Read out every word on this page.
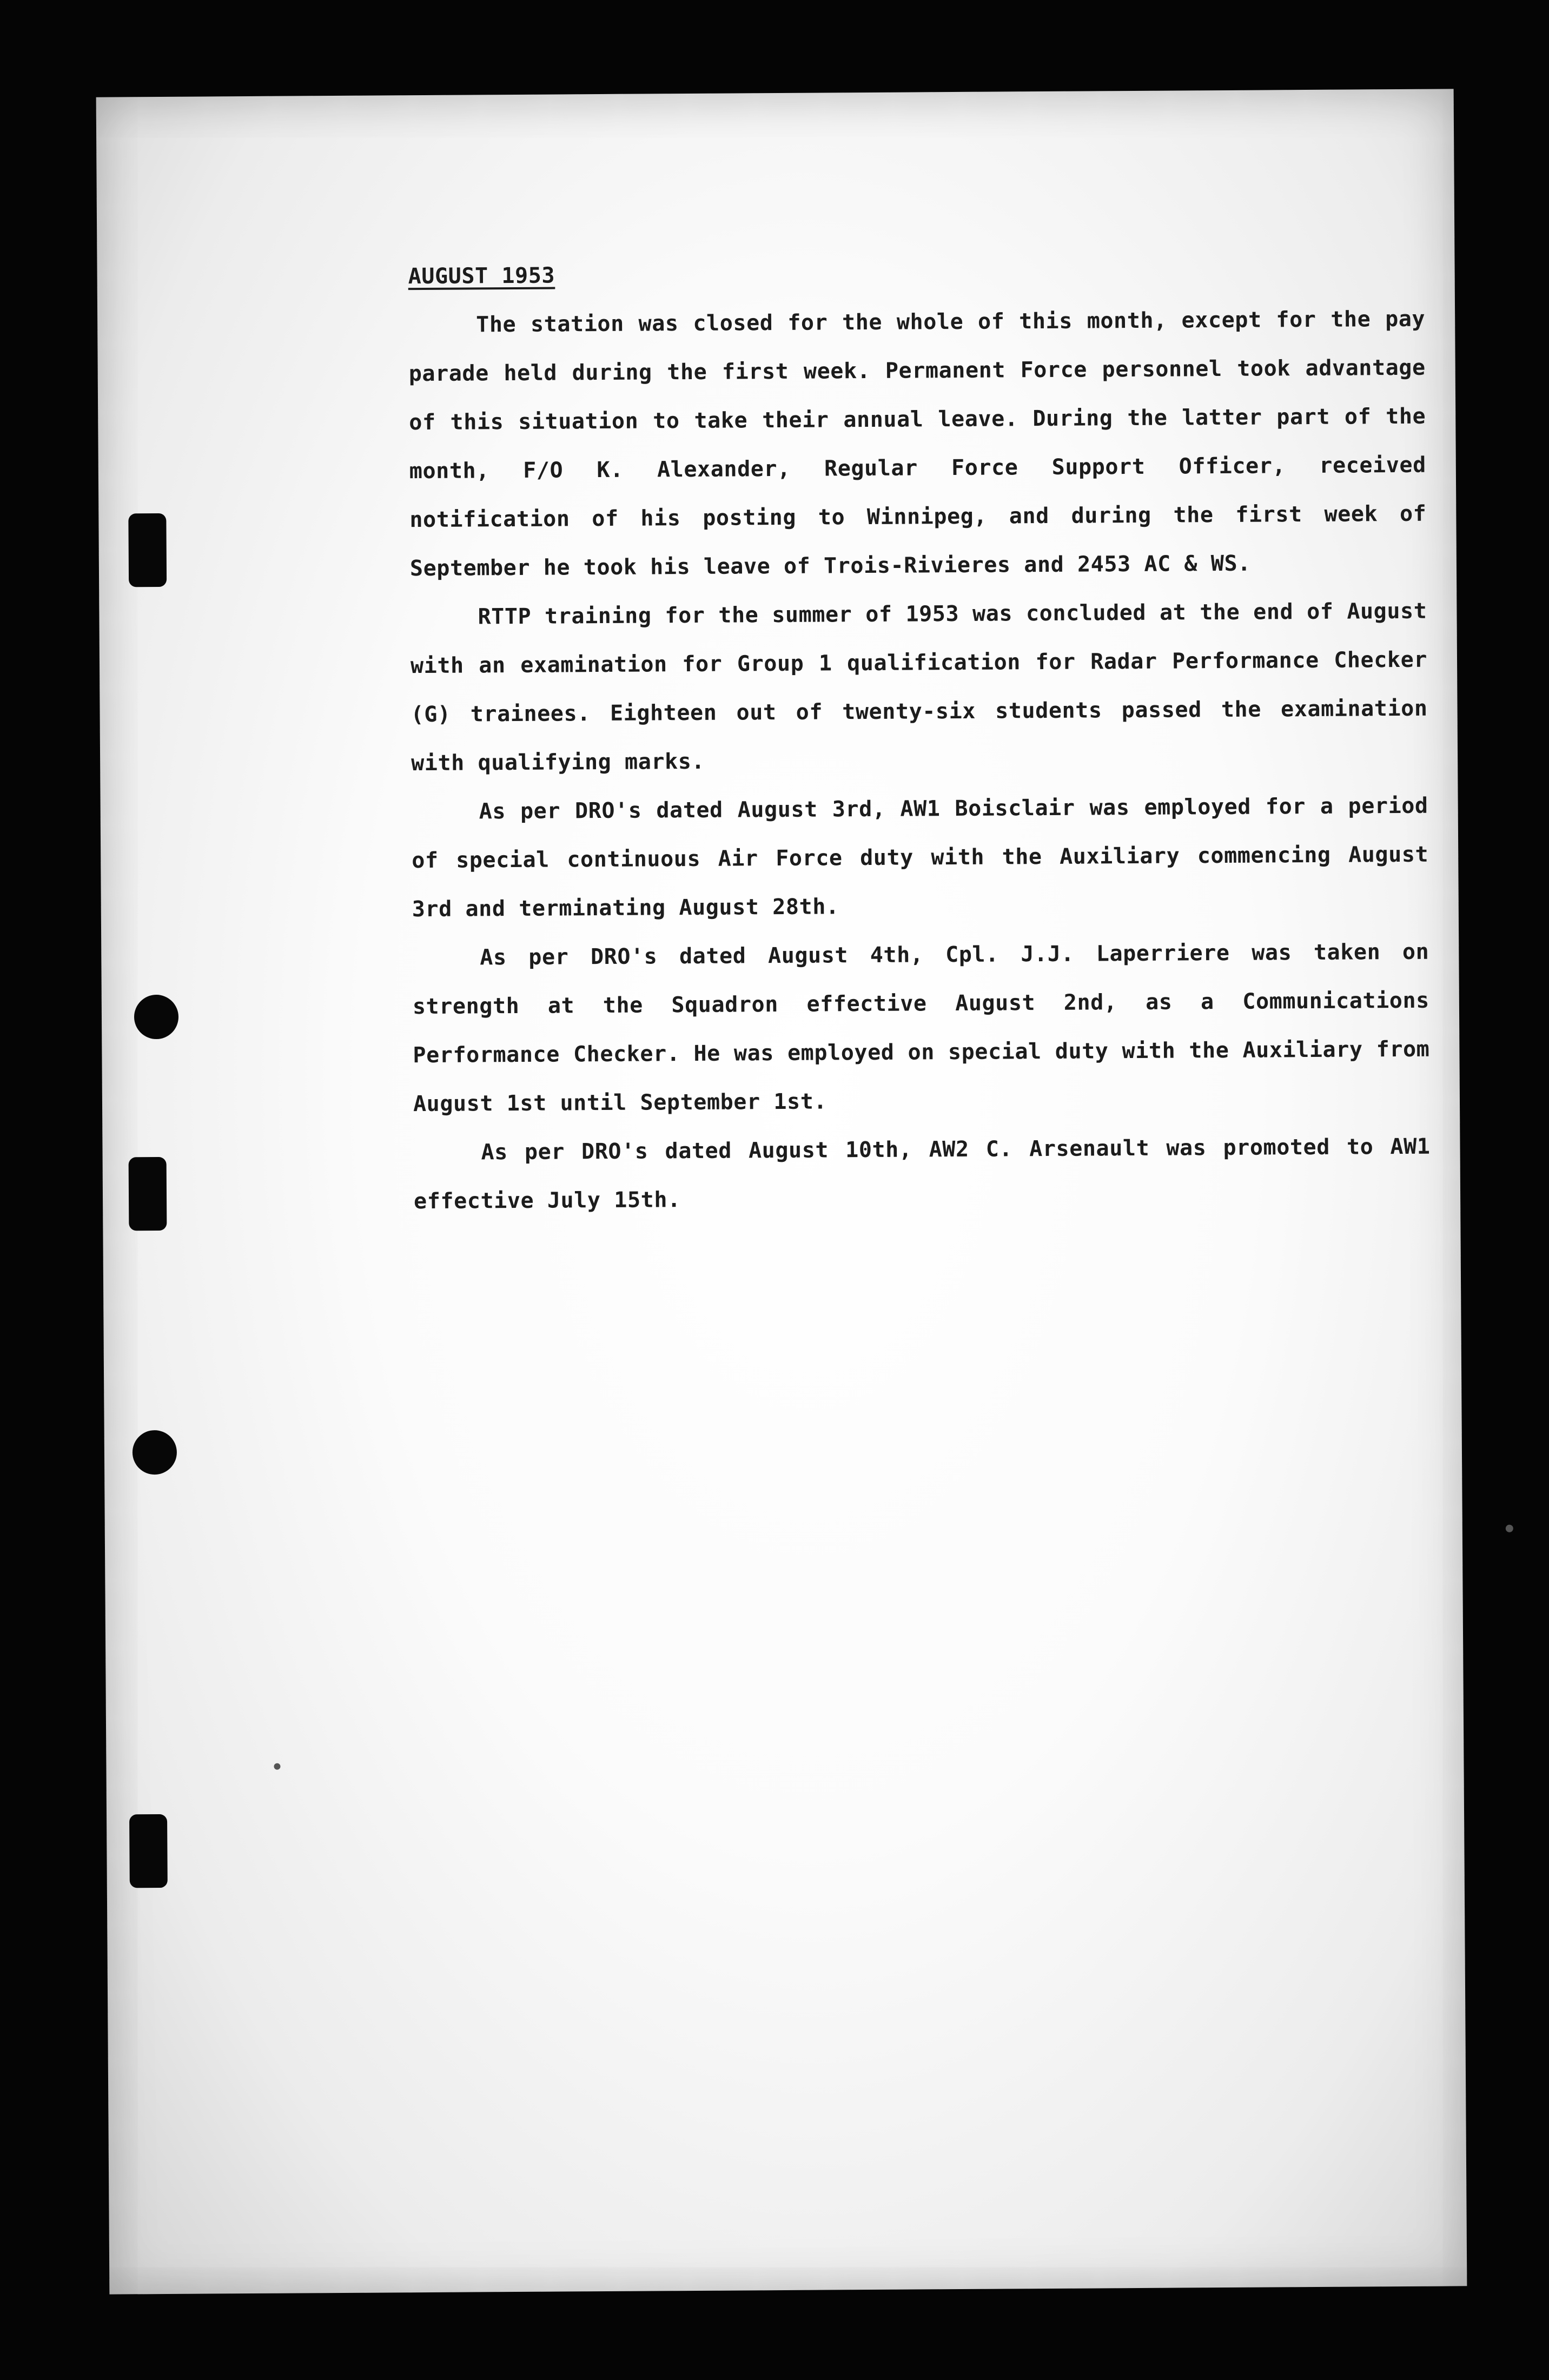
AUGUST 1953

The station was closed for the whole of this month, except for the pay parade held during the first week. Permanent Force personnel took advantage of this situation to take their annual leave. During the latter part of the month, F/O K. Alexander, Regular Force Support Officer, received notification of his posting to Winnipeg, and during the first week of September he took his leave of Trois-Rivieres and 2453 AC & WS.

RTTP training for the summer of 1953 was concluded at the end of August with an examination for Group 1 qualification for Radar Performance Checker (G) trainees. Eighteen out of twenty-six students passed the examination with qualifying marks.

As per DRO's dated August 3rd, AW1 Boisclair was employed for a period of special continuous Air Force duty with the Auxiliary commencing August 3rd and terminating August 28th.

As per DRO's dated August 4th, Cpl. J.J. Laperriere was taken on strength at the Squadron effective August 2nd, as a Communications Performance Checker. He was employed on special duty with the Auxiliary from August 1st until September 1st.

As per DRO's dated August 10th, AW2 C. Arsenault was promoted to AW1 effective July 15th.
